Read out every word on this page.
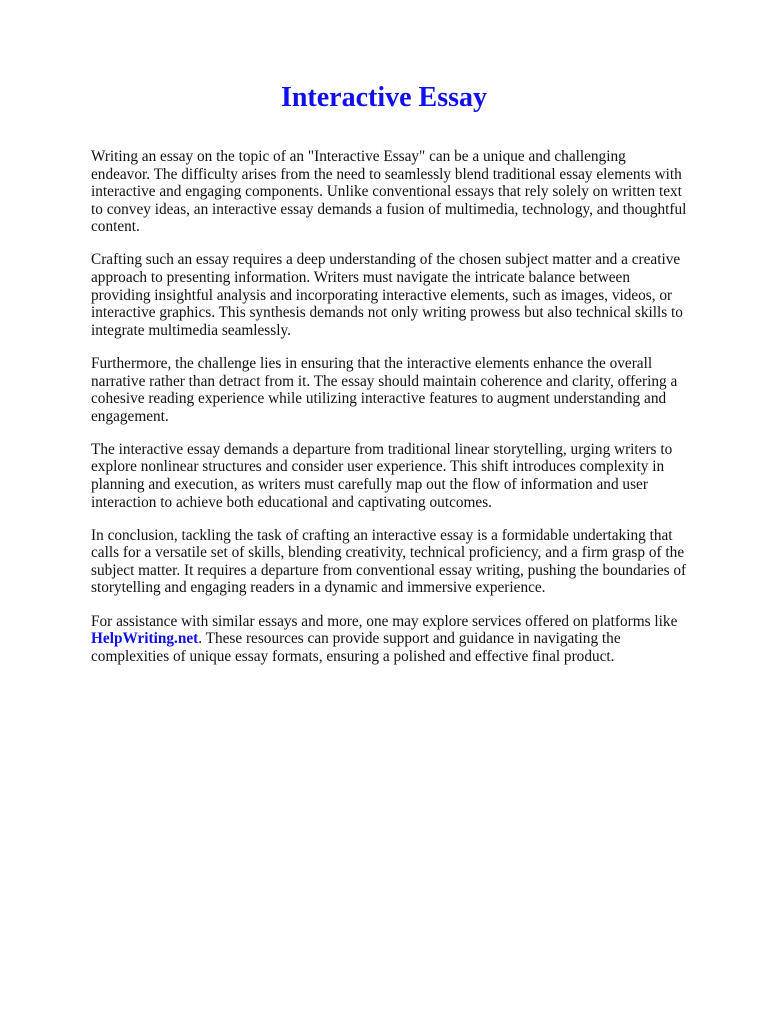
Interactive Essay

Writing an essay on the topic of an "Interactive Essay" can be a unique and challenging endeavor. The difficulty arises from the need to seamlessly blend traditional essay elements with interactive and engaging components. Unlike conventional essays that rely solely on written text to convey ideas, an interactive essay demands a fusion of multimedia, technology, and thoughtful content.

Crafting such an essay requires a deep understanding of the chosen subject matter and a creative approach to presenting information. Writers must navigate the intricate balance between providing insightful analysis and incorporating interactive elements, such as images, videos, or interactive graphics. This synthesis demands not only writing prowess but also technical skills to integrate multimedia seamlessly.

Furthermore, the challenge lies in ensuring that the interactive elements enhance the overall narrative rather than detract from it. The essay should maintain coherence and clarity, offering a cohesive reading experience while utilizing interactive features to augment understanding and engagement.

The interactive essay demands a departure from traditional linear storytelling, urging writers to explore nonlinear structures and consider user experience. This shift introduces complexity in planning and execution, as writers must carefully map out the flow of information and user interaction to achieve both educational and captivating outcomes.

In conclusion, tackling the task of crafting an interactive essay is a formidable undertaking that calls for a versatile set of skills, blending creativity, technical proficiency, and a firm grasp of the subject matter. It requires a departure from conventional essay writing, pushing the boundaries of storytelling and engaging readers in a dynamic and immersive experience.

For assistance with similar essays and more, one may explore services offered on platforms like HelpWriting.net. These resources can provide support and guidance in navigating the complexities of unique essay formats, ensuring a polished and effective final product.
